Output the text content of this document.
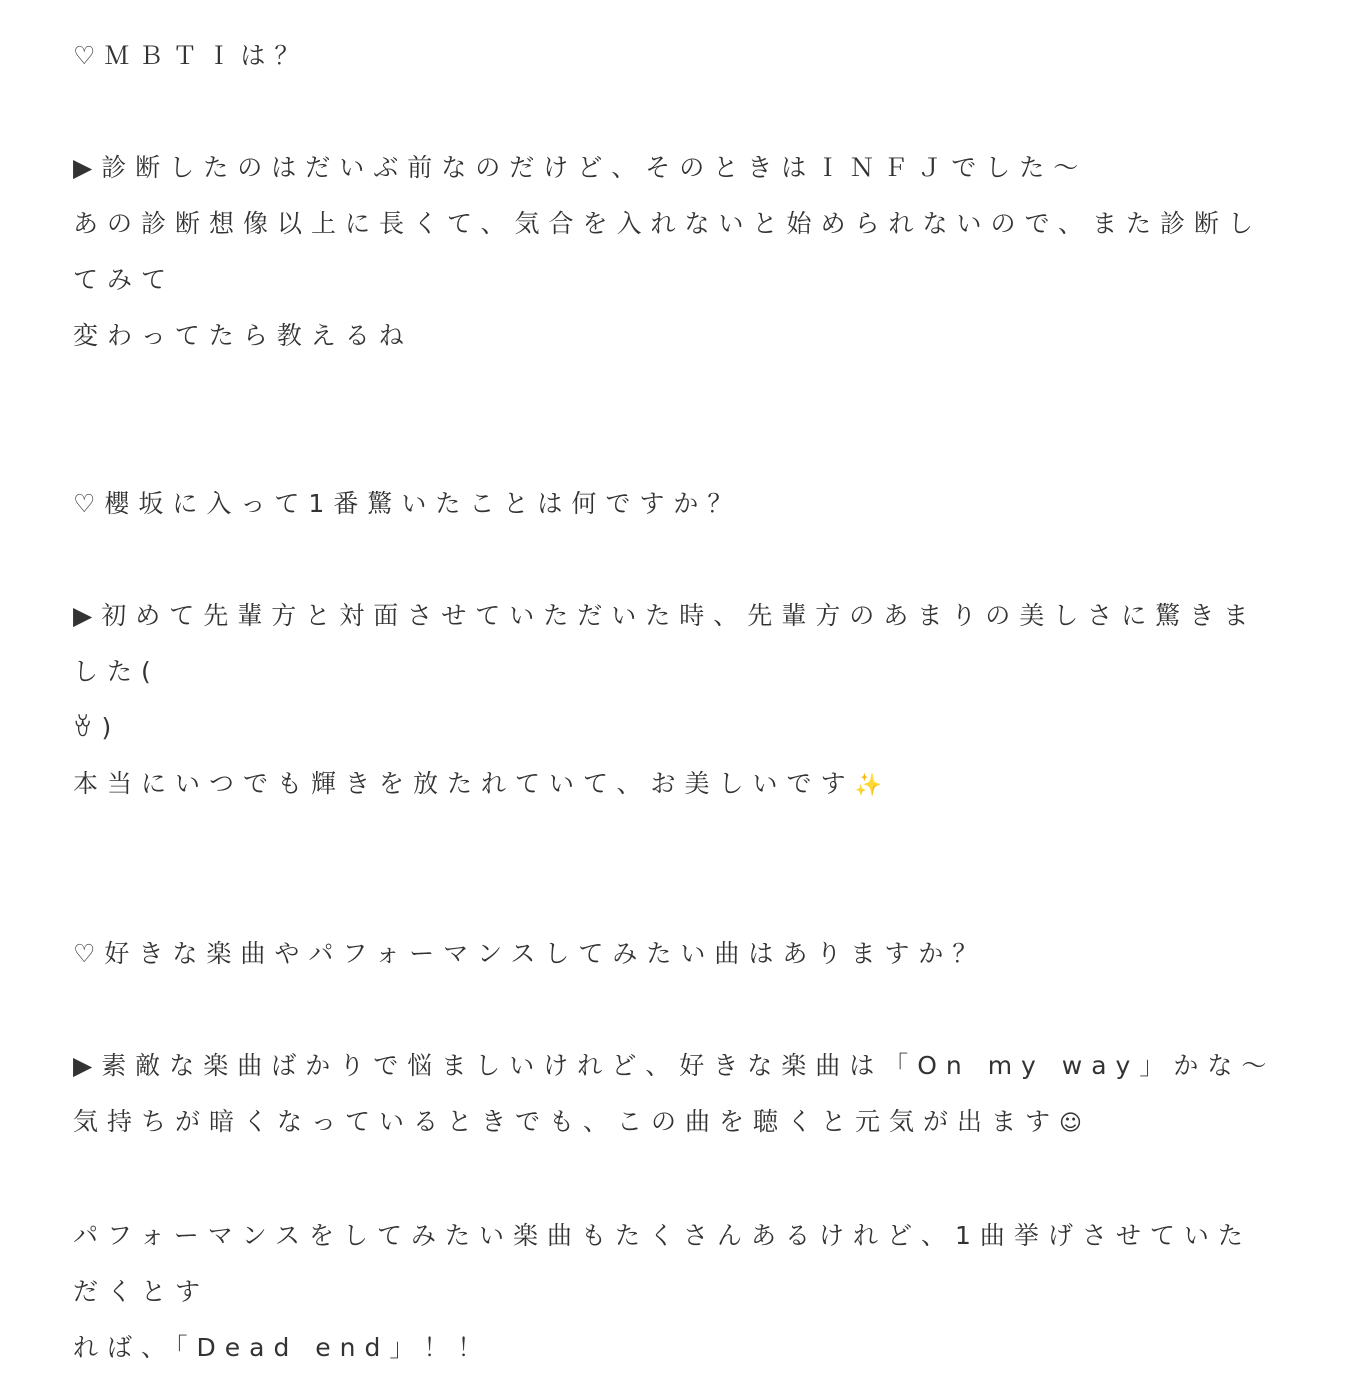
♡ＭＢＴＩは？
▶︎診断したのはだいぶ前なのだけど、そのときはＩＮＦＪでした〜
あの診断想像以上に長くて、気合を入れないと始められないので、また診断してみて
変わってたら教えるね
♡櫻坂に入って1番驚いたことは何ですか？
▶︎初めて先輩方と対面させていただいた時、先輩方のあまりの美しさに驚きました(
ꈊ)
本当にいつでも輝きを放たれていて、お美しいです✨
♡好きな楽曲やパフォーマンスしてみたい曲はありますか？
▶︎素敵な楽曲ばかりで悩ましいけれど、好きな楽曲は「On my way」かな〜
気持ちが暗くなっているときでも、この曲を聴くと元気が出ます☺
パフォーマンスをしてみたい楽曲もたくさんあるけれど、1曲挙げさせていただくとす
れば、「Dead end」！！
